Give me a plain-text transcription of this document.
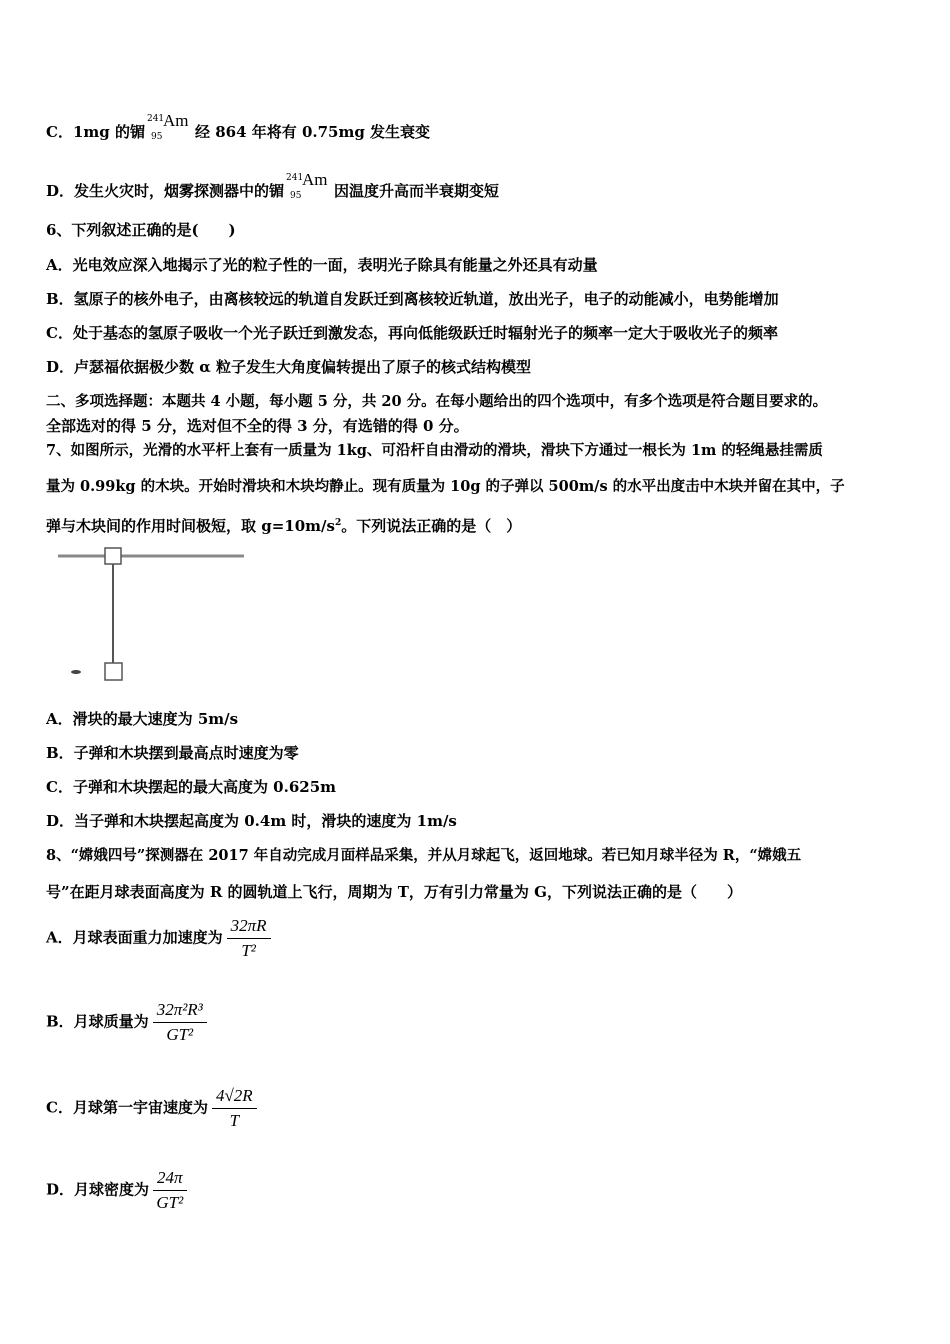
C．1mg 的镅
241
95
Am
经 864 年将有 0.75mg 发生衰变
D．发生火灾时，烟雾探测器中的镅
241
95
Am
因温度升高而半衰期变短
6、下列叙述正确的是(　　)
A．光电效应深入地揭示了光的粒子性的一面，表明光子除具有能量之外还具有动量
B．氢原子的核外电子，由离核较远的轨道自发跃迁到离核较近轨道，放出光子，电子的动能减小，电势能增加
C．处于基态的氢原子吸收一个光子跃迁到激发态，再向低能级跃迁时辐射光子的频率一定大于吸收光子的频率
D．卢瑟福依据极少数 α 粒子发生大角度偏转提出了原子的核式结构模型
二、多项选择题：本题共 4 小题，每小题 5 分，共 20 分。在每小题给出的四个选项中，有多个选项是符合题目要求的。
全部选对的得 5 分，选对但不全的得 3 分，有选错的得 0 分。
7、如图所示，光滑的水平杆上套有一质量为 1kg、可沿杆自由滑动的滑块，滑块下方通过一根长为 1m 的轻绳悬挂需质
量为 0.99kg 的木块。开始时滑块和木块均静止。现有质量为 10g 的子弹以 500m/s 的水平出度击中木块并留在其中，子
弹与木块间的作用时间极短，取 $g=10m/s^2$。下列说法正确的是（　）
A．滑块的最大速度为 5m/s
B．子弹和木块摆到最高点时速度为零
C．子弹和木块摆起的最大高度为 0.625m
D．当子弹和木块摆起高度为 0.4m 时，滑块的速度为 1m/s
8、“嫦娥四号”探测器在 2017 年自动完成月面样品采集，并从月球起飞，返回地球。若已知月球半径为 R，“嫦娥五
号”在距月球表面高度为 R 的圆轨道上飞行，周期为 T，万有引力常量为 G，下列说法正确的是（　　）
A．月球表面重力加速度为 $\frac{32\pi R}{\text{T²}}$
B．月球质量为 $\frac{\text{32π²R³}}{\text{GT²}}$
C．月球第一宇宙速度为 $\frac{4√2R}{T}$
D．月球密度为 $\frac{24\pi}{\text{GT²}}$
